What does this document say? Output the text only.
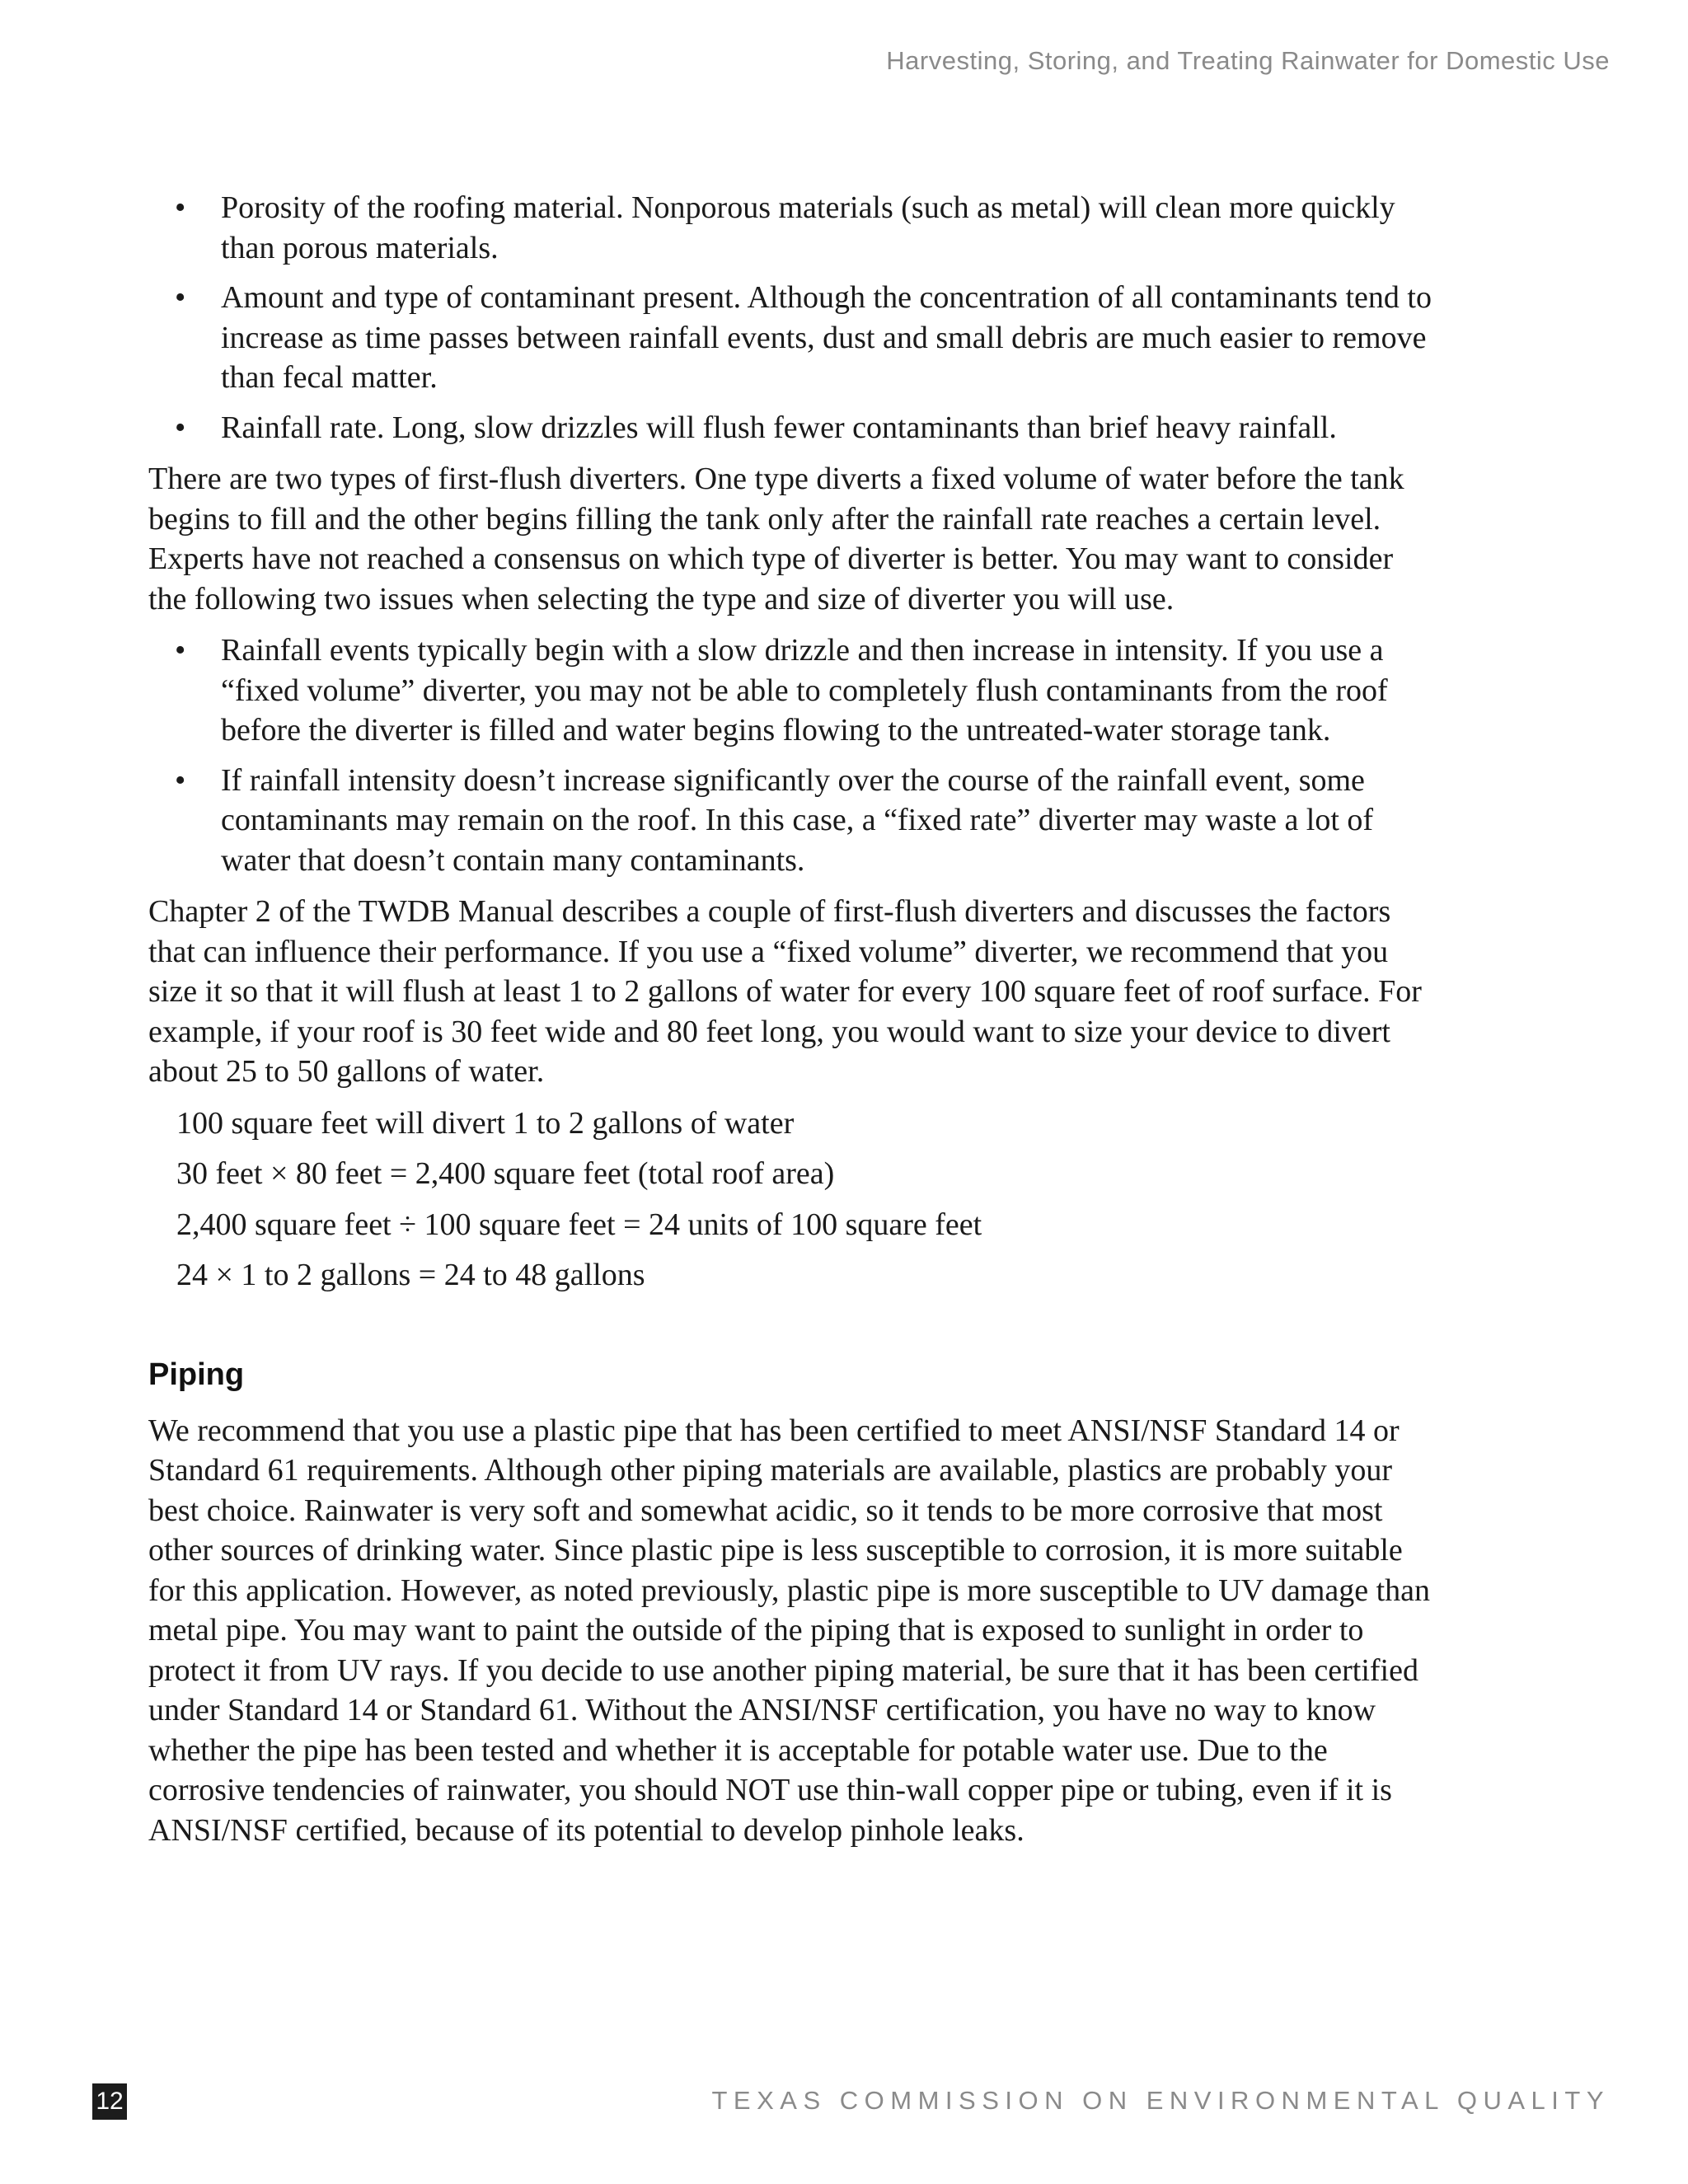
Harvesting, Storing, and Treating Rainwater for Domestic Use
• Porosity of the roofing material. Nonporous materials (such as metal) will clean more quickly than porous materials.
• Amount and type of contaminant present. Although the concentration of all contaminants tend to increase as time passes between rainfall events, dust and small debris are much easier to remove than fecal matter.
• Rainfall rate. Long, slow drizzles will flush fewer contaminants than brief heavy rainfall.

There are two types of first-flush diverters. One type diverts a fixed volume of water before the tank begins to fill and the other begins filling the tank only after the rainfall rate reaches a certain level. Experts have not reached a consensus on which type of diverter is better. You may want to consider the following two issues when selecting the type and size of diverter you will use.

• Rainfall events typically begin with a slow drizzle and then increase in intensity. If you use a “fixed volume” diverter, you may not be able to completely flush contaminants from the roof before the diverter is filled and water begins flowing to the untreated-water storage tank.
• If rainfall intensity doesn’t increase significantly over the course of the rainfall event, some contaminants may remain on the roof. In this case, a “fixed rate” diverter may waste a lot of water that doesn’t contain many contaminants.

Chapter 2 of the TWDB Manual describes a couple of first-flush diverters and discusses the factors that can influence their performance. If you use a “fixed volume” diverter, we recommend that you size it so that it will flush at least 1 to 2 gallons of water for every 100 square feet of roof surface. For example, if your roof is 30 feet wide and 80 feet long, you would want to size your device to divert about 25 to 50 gallons of water.

100 square feet will divert 1 to 2 gallons of water
30 feet × 80 feet = 2,400 square feet (total roof area)
2,400 square feet ÷ 100 square feet = 24 units of 100 square feet
24 × 1 to 2 gallons = 24 to 48 gallons
Piping

We recommend that you use a plastic pipe that has been certified to meet ANSI/NSF Standard 14 or Standard 61 requirements. Although other piping materials are available, plastics are probably your best choice. Rainwater is very soft and somewhat acidic, so it tends to be more corrosive that most other sources of drinking water. Since plastic pipe is less susceptible to corrosion, it is more suitable for this application. However, as noted previously, plastic pipe is more susceptible to UV damage than metal pipe. You may want to paint the outside of the piping that is exposed to sunlight in order to protect it from UV rays. If you decide to use another piping material, be sure that it has been certified under Standard 14 or Standard 61. Without the ANSI/NSF certification, you have no way to know whether the pipe has been tested and whether it is acceptable for potable water use. Due to the corrosive tendencies of rainwater, you should NOT use thin-wall copper pipe or tubing, even if it is ANSI/NSF certified, because of its potential to develop pinhole leaks.

12	TEXAS COMMISSION ON ENVIRONMENTAL QUALITY
